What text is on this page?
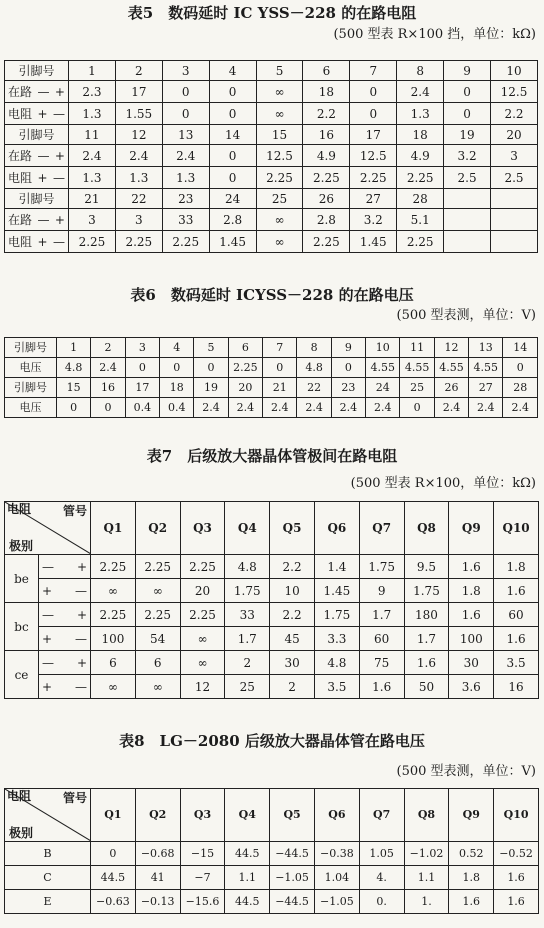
表5　数码延时 IC YSS－228 的在路电阻
(500 型表 R×100 挡，单位：kΩ)
引脚号	1	2	3	4	5	6	7	8	9	10

在路 — +	2.3	17	0	0	∞	18	0	2.4	0	12.5

电阻 + —	1.3	1.55	0	0	∞	2.2	0	1.3	0	2.2
引脚号	11	12	13	14	15	16	17	18	19	20

在路 — +	2.4	2.4	2.4	0	12.5	4.9	12.5	4.9	3.2	3

电阻 + —	1.3	1.3	1.3	0	2.25	2.25	2.25	2.25	2.5	2.5
引脚号	21	22	23	24	25	26	27	28		

在路 — +	3	3	33	2.8	∞	2.8	3.2	5.1		

电阻 + —	2.25	2.25	2.25	1.45	∞	2.25	1.45	2.25		
表6　数码延时 ICYSS－228 的在路电压
(500 型表测，单位：V)
引脚号	1	2	3	4	5	6	7	8	9	10	11	12	13	14
电压	4.8	2.4	0	0	0	2.25	0	4.8	0	4.55	4.55	4.55	4.55	0
引脚号	15	16	17	18	19	20	21	22	23	24	25	26	27	28
电压	0	0	0.4	0.4	2.4	2.4	2.4	2.4	2.4	2.4	0	2.4	2.4	2.4
表7　后级放大器晶体管极间在路电阻
(500 型表 R×100，单位：kΩ)
电阻 管号
极别		Q1	Q2	Q3	Q4	Q5	Q6	Q7	Q8	Q9	Q10
be	— +	2.25	2.25	2.25	4.8	2.2	1.4	1.75	9.5	1.6	1.8

	+ —	∞	∞	20	1.75	10	1.45	9	1.75	1.8	1.6
bc	— +	2.25	2.25	2.25	33	2.2	1.75	1.7	180	1.6	60

	+ —	100	54	∞	1.7	45	3.3	60	1.7	100	1.6
ce	— +	6	6	∞	2	30	4.8	75	1.6	30	3.5

	+ —	∞	∞	12	25	2	3.5	1.6	50	3.6	16
表8　LG－2080 后级放大器晶体管在路电压
(500 型表测，单位：V)
电阻 管号
极别	Q1	Q2	Q3	Q4	Q5	Q6	Q7	Q8	Q9	Q10
B	0	−0.68	−15	44.5	−44.5	−0.38	1.05	−1.02	0.52	−0.52
C	44.5	41	−7	1.1	−1.05	1.04	4.	1.1	1.8	1.6
E	−0.63	−0.13	−15.6	44.5	−44.5	−1.05	0.	1.	1.6	1.6
